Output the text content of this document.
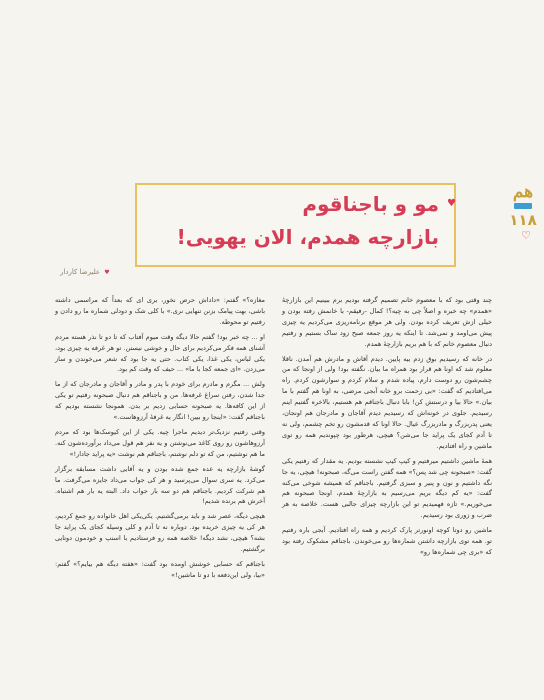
هم
۱۱۸
♡
♥
مو و باجناقوم
بازارچه همدم، الان یهویی!
♥ علیرضا کاردار

چند وقتی بود که با معصوم خانم تصمیم گرفته بودیم برم ببینیم این بازارچهٔ «همدم» چه خبره و اصلاً چی به چیه؟! کمال -رفیقم- با خانمش رفته بودن و خیلی ازش تعریف کرده بودن. ولی هر موقع برنامه‌ریزی می‌کردیم یه چیزی پیش می‌اومد و نمی‌شد. تا اینکه یه روز جمعه صبح زود ساک بستیم و رفتیم دنبال معصوم خانم که با هم بریم بازارچهٔ همدم.

در خانه که رسیدیم بوق زدم بیه پایین. دیدم آقاش و مادرش هم آمدن. ناقلا معلوم شد که اونا هم قرار بود همراه ما بیان. نگفته بود! ولی از اونجا که من چشم‌شون رو دوست دارم، پیاده شدم و سلام کردم و سوارشون کردم. راه می‌افتادیم که گفت: «بی زحمت برو خانه آبجی مرضی، به اونا هم گفتم با ما بیان.» حالا بیا و درستش کن! بابا دنبال باجناقم هم هستیم، بالاخره گفتیم اینم رسیدیم. جلوی در خونه‌اش که رسیدیم دیدم آقاجان و مادرجان هم اونجان، یعنی پدربزرگ و مادربزرگ عیال. حالا اونا که قدمشون رو تخم چشمم، ولی نه تا آدم کجای یک پراید جا می‌شن؟ هیچی، هرطور بود چپوندیم همه رو توی ماشین و راه افتادیم.

همهٔ ماشین داشتیم میرفتیم و کیپ کیپ نشسته بودیم. یه مقدار که رفتیم یکی گفت: «صبحونه چی شد پس؟» همه گفتن راست می‌گه، صبحونه! هیچی، یه جا نگه داشتیم و نون و پنیر و سبزی گرفتیم. باجناقم که همیشه شوخی می‌کنه گفت: «یه کم دیگه بریم می‌رسیم به بازارچهٔ همدم، اونجا صبحونه هم می‌خوریم.» تازه فهمیدیم تو این بازارچه چیزای جالبی هست. خلاصه به هر ضرب و زوری بود رسیدیم.

ماشین رو دوتا کوچه اونورتر پارک کردیم و همه راه افتادیم. آبجی باره رفتیم تو. همه توی بازارچه داشتن شماره‌ها رو می‌خوندن. باجناقم مشکوک رفته بود که «بری چی شماره‌ها رو»

مغازه؟» گفتم: «داداش حرص نخور، بری ای که بعداً که مراسمی داشته باشی، بهت پیامک بزنن تنهایی نری.» با کلی شک و دودلی شماره ما رو دادن و رفتیم تو محوطه.

او ... چه خبر بود! گفتم حالا دیگه وقت میوم آفتاب که تا دو تا نذر هسته مردم آشنای همه فکر می‌کردیم برای حال و خوشی نیستن. تو هر غرفه یه چیزی بود، یکی لباس، یکی غذا، یکی کتاب. حتی یه جا بود که شعر می‌خوندن و ساز می‌زدن. «ای جمعه کجا با ما» ... حیف که وقت کم بود.

ولش ... مگرم و مادرم برای خودم با پدر و مادر و آقاجان و مادرجان که از ما جدا شدن، رفتن سراغ غرفه‌ها. من و باجناقم هم دنبال صبحونه رفتیم تو یکی از این کافه‌ها. یه صبحونه حسابی زدیم بر بدن. همونجا نشسته بودیم که باجناقم گفت: «اینجا رو ببین! انگار یه غرفهٔ آرزوهاست.»

وقتی رفتیم نزدیک‌تر دیدیم ماجرا چیه. یکی از این کیوسک‌ها بود که مردم آرزوهاشون رو روی کاغذ می‌نوشتن و یه نفر هم قول می‌داد برآورده‌شون کنه. ما هم نوشتیم، من که تو دلم نوشتم، باجناقم هم نوشت «یه پراید جادار!»

گوشهٔ بازارچه یه عده جمع شده بودن و یه آقایی داشت مسابقه برگزار می‌کرد. یه سری سوال می‌پرسید و هر کی جواب می‌داد جایزه می‌گرفت. ما هم شرکت کردیم. باجناقم هم دو سه بار جواب داد. البته یه بار هم اشتباه. آخرش هم برنده شدیم!

هیچی دیگه، عصر شد و باید برمی‌گشتیم. یکی‌یکی اهل خانواده رو جمع کردیم، هر کی یه چیزی خریده بود. دوباره نه تا آدم و کلی وسیله کجای یک پراید جا بشه؟ هیچی، نشد دیگه! خلاصه همه رو فرستادیم با اسنپ و خودمون دوتایی برگشتیم.

باجناقم که حسابی خوشش اومده بود گفت: «هفته دیگه هم بیایم؟» گفتم: «بیا، ولی این‌دفعه با دو تا ماشین!»
